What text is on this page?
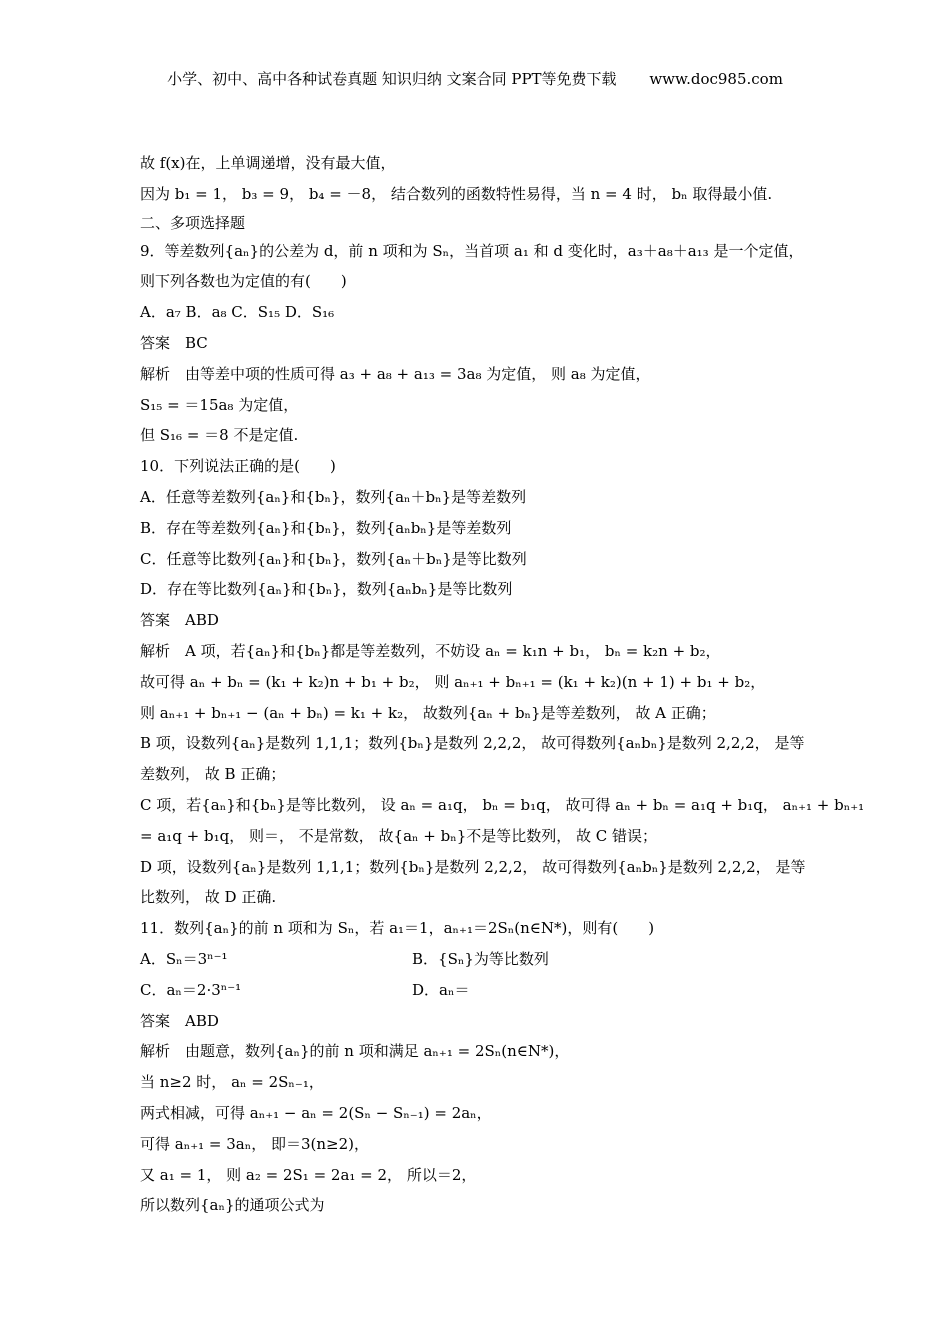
小学、初中、高中各种试卷真题 知识归纳 文案合同 PPT等免费下载 www.doc985.com
故 f(x)在，上单调递增，没有最大值，
因为 b₁ = 1， b₃ = 9， b₄ = －8， 结合数列的函数特性易得，当 n = 4 时， bₙ 取得最小值.
二、多项选择题
9．等差数列{aₙ}的公差为 d，前 n 项和为 Sₙ，当首项 a₁ 和 d 变化时，a₃＋a₈＋a₁₃ 是一个定值，
则下列各数也为定值的有(　　)
A．a₇ B．a₈ C．S₁₅ D．S₁₆
答案　BC
解析　由等差中项的性质可得 a₃ + a₈ + a₁₃ = 3a₈ 为定值， 则 a₈ 为定值，
S₁₅ = ＝15a₈ 为定值，
但 S₁₆ = ＝8 不是定值.
10．下列说法正确的是(　　)
A．任意等差数列{aₙ}和{bₙ}，数列{aₙ＋bₙ}是等差数列
B．存在等差数列{aₙ}和{bₙ}，数列{aₙbₙ}是等差数列
C．任意等比数列{aₙ}和{bₙ}，数列{aₙ＋bₙ}是等比数列
D．存在等比数列{aₙ}和{bₙ}，数列{aₙbₙ}是等比数列
答案　ABD
解析　A 项，若{aₙ}和{bₙ}都是等差数列，不妨设 aₙ = k₁n + b₁， bₙ = k₂n + b₂，
故可得 aₙ + bₙ = (k₁ + k₂)n + b₁ + b₂， 则 aₙ₊₁ + bₙ₊₁ = (k₁ + k₂)(n + 1) + b₁ + b₂，
则 aₙ₊₁ + bₙ₊₁ − (aₙ + bₙ) = k₁ + k₂， 故数列{aₙ + bₙ}是等差数列， 故 A 正确；
B 项，设数列{aₙ}是数列 1,1,1；数列{bₙ}是数列 2,2,2， 故可得数列{aₙbₙ}是数列 2,2,2， 是等
差数列， 故 B 正确；
C 项，若{aₙ}和{bₙ}是等比数列， 设 aₙ = a₁q， bₙ = b₁q， 故可得 aₙ + bₙ = a₁q + b₁q， aₙ₊₁ + bₙ₊₁
= a₁q + b₁q， 则＝， 不是常数， 故{aₙ + bₙ}不是等比数列， 故 C 错误；
D 项，设数列{aₙ}是数列 1,1,1；数列{bₙ}是数列 2,2,2， 故可得数列{aₙbₙ}是数列 2,2,2， 是等
比数列， 故 D 正确.
11．数列{aₙ}的前 n 项和为 Sₙ，若 a₁＝1，aₙ₊₁＝2Sₙ(n∈N*)，则有(　　)
A．Sₙ＝3ⁿ⁻¹	B．{Sₙ}为等比数列
C．aₙ＝2·3ⁿ⁻¹	D．aₙ＝
答案　ABD
解析　由题意，数列{aₙ}的前 n 项和满足 aₙ₊₁ = 2Sₙ(n∈N*)，
当 n≥2 时， aₙ = 2Sₙ₋₁，
两式相减，可得 aₙ₊₁ − aₙ = 2(Sₙ − Sₙ₋₁) = 2aₙ，
可得 aₙ₊₁ = 3aₙ， 即＝3(n≥2)，
又 a₁ = 1， 则 a₂ = 2S₁ = 2a₁ = 2， 所以＝2，
所以数列{aₙ}的通项公式为
